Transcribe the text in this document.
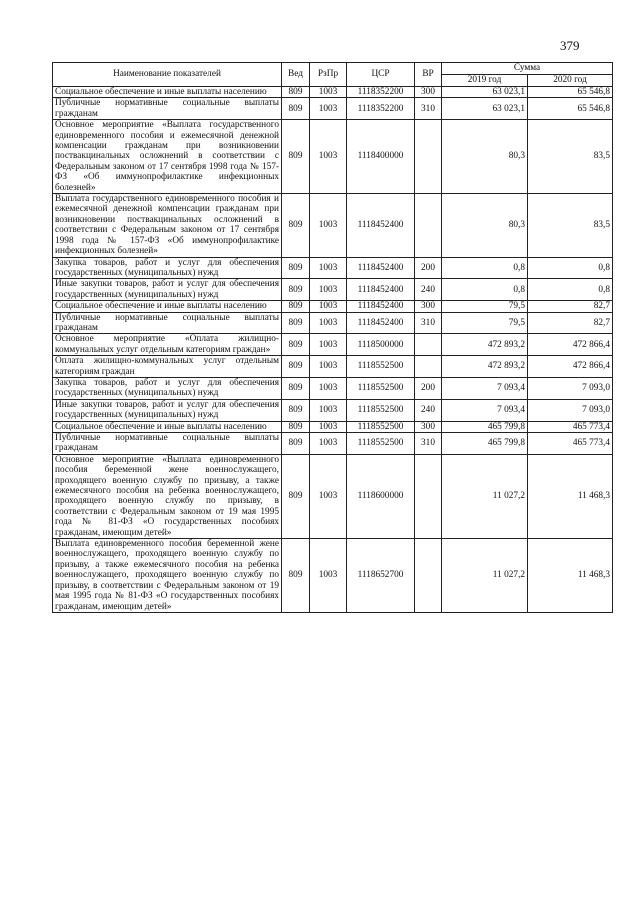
379
Наименование показателей	Вед	РзПр	ЦСР	ВР	Сумма	
					2019 год	2020 год
Социальное обеспечение и иные выплаты населению	809	1003	1118352200	300	63 023,1	65 546,8
Публичные нормативные социальные выплаты гражданам	809	1003	1118352200	310	63 023,1	65 546,8
Основное мероприятие «Выплата государственного единовременного пособия и ежемесячной денежной компенсации гражданам при возникновении поствакцинальных осложнений в соответствии с Федеральным законом от 17 сентября 1998 года № 157-ФЗ «Об иммунопрофилактике инфекционных болезней»	809	1003	1118400000		80,3	83,5
Выплата государственного единовременного пособия и ежемесячной денежной компенсации гражданам при возникновении поствакцинальных осложнений в соответствии с Федеральным законом от 17 сентября 1998 года № 157-ФЗ «Об иммунопрофилактике инфекционных болезней»	809	1003	1118452400		80,3	83,5
Закупка товаров, работ и услуг для обеспечения государственных (муниципальных) нужд	809	1003	1118452400	200	0,8	0,8
Иные закупки товаров, работ и услуг для обеспечения государственных (муниципальных) нужд	809	1003	1118452400	240	0,8	0,8
Социальное обеспечение и иные выплаты населению	809	1003	1118452400	300	79,5	82,7
Публичные нормативные социальные выплаты гражданам	809	1003	1118452400	310	79,5	82,7
Основное мероприятие «Оплата жилищно-коммунальных услуг отдельным категориям граждан»	809	1003	1118500000		472 893,2	472 866,4
Оплата жилищно-коммунальных услуг отдельным категориям граждан	809	1003	1118552500		472 893,2	472 866,4
Закупка товаров, работ и услуг для обеспечения государственных (муниципальных) нужд	809	1003	1118552500	200	7 093,4	7 093,0
Иные закупки товаров, работ и услуг для обеспечения государственных (муниципальных) нужд	809	1003	1118552500	240	7 093,4	7 093,0
Социальное обеспечение и иные выплаты населению	809	1003	1118552500	300	465 799,8	465 773,4
Публичные нормативные социальные выплаты гражданам	809	1003	1118552500	310	465 799,8	465 773,4
Основное мероприятие «Выплата единовременного пособия беременной жене военнослужащего, проходящего военную службу по призыву, а также ежемесячного пособия на ребенка военнослужащего, проходящего военную службу по призыву, в соответствии с Федеральным законом от 19 мая 1995 года № 81-ФЗ «О государственных пособиях гражданам, имеющим детей»	809	1003	1118600000		11 027,2	11 468,3
Выплата единовременного пособия беременной жене военнослужащего, проходящего военную службу по призыву, а также ежемесячного пособия на ребенка военнослужащего, проходящего военную службу по призыву, в соответствии с Федеральным законом от 19 мая 1995 года № 81-ФЗ «О государственных пособиях гражданам, имеющим детей»	809	1003	1118652700		11 027,2	11 468,3
